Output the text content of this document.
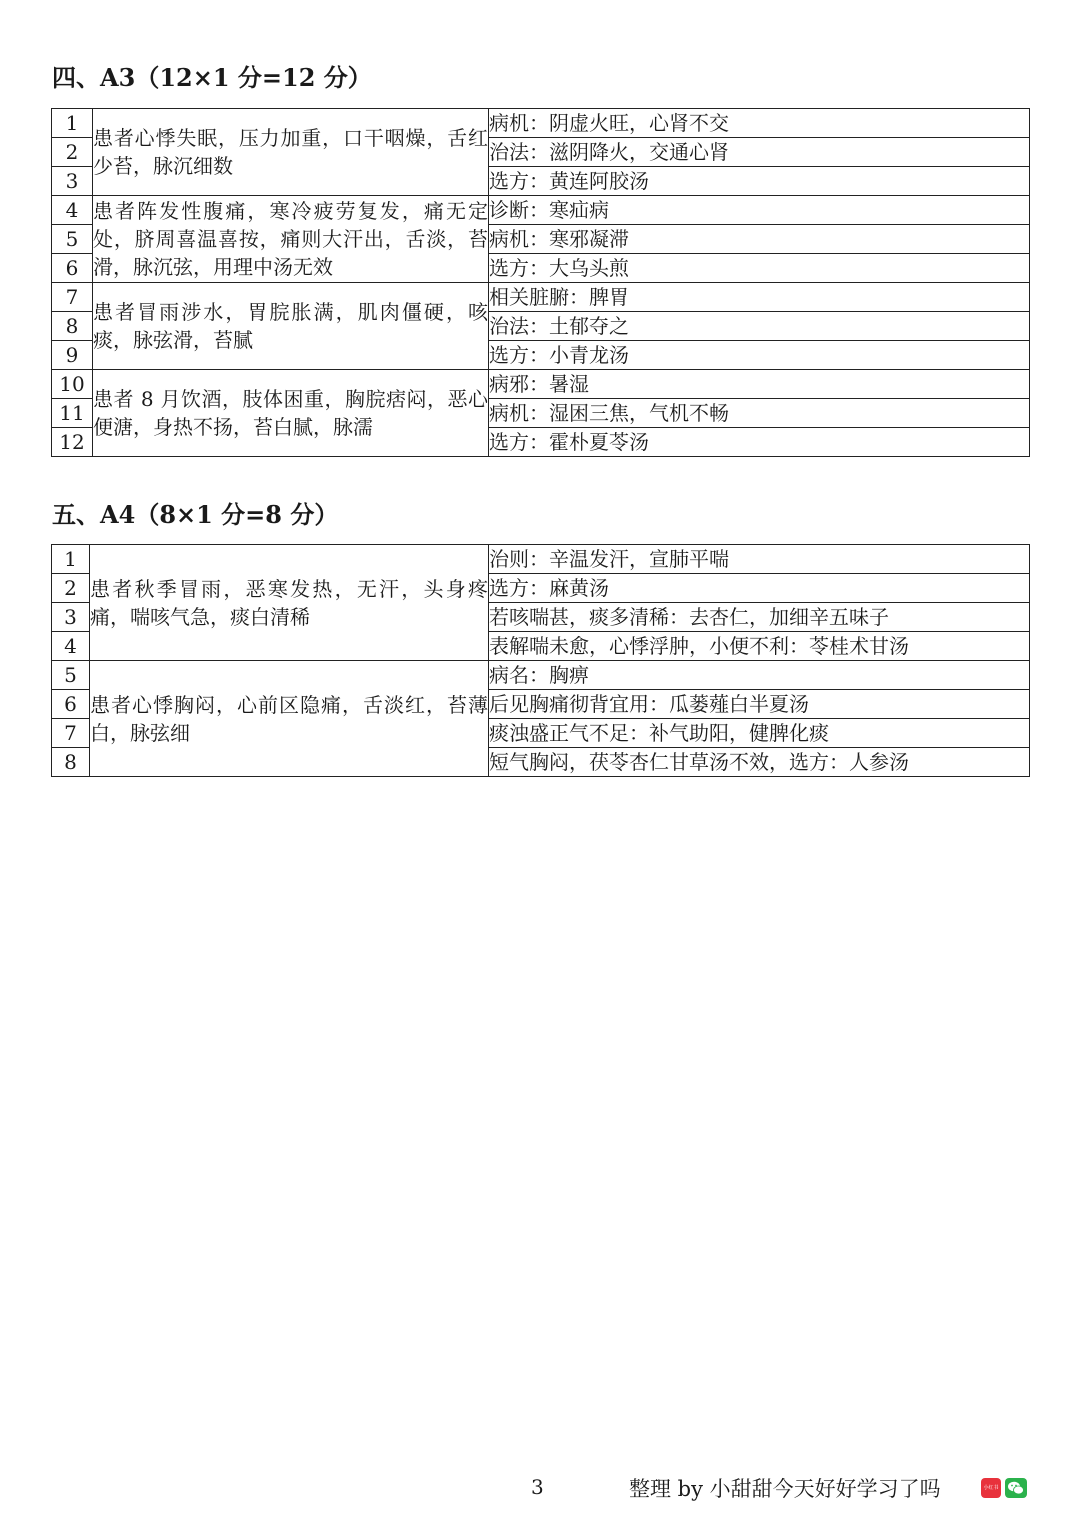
四、A3（12×1 分=12 分）
1	患者心悸失眠，压力加重，口干咽燥，舌红少苔，脉沉细数	病机：阴虚火旺，心肾不交
2		治法：滋阴降火，交通心肾
3		选方：黄连阿胶汤
4	患者阵发性腹痛，寒冷疲劳复发，痛无定处，脐周喜温喜按，痛则大汗出，舌淡，苔滑，脉沉弦，用理中汤无效	诊断：寒疝病
5		病机：寒邪凝滞
6		选方：大乌头煎
7	患者冒雨涉水，胃脘胀满，肌肉僵硬，咳痰，脉弦滑，苔腻	相关脏腑：脾胃
8		治法：土郁夺之
9		选方：小青龙汤
10	患者 8 月饮酒，肢体困重，胸脘痞闷，恶心便溏，身热不扬，苔白腻，脉濡	病邪：暑湿
11		病机：湿困三焦，气机不畅
12		选方：霍朴夏苓汤
五、A4（8×1 分=8 分）
1	患者秋季冒雨，恶寒发热，无汗，头身疼痛，喘咳气急，痰白清稀	治则：辛温发汗，宣肺平喘
2		选方：麻黄汤
3		若咳喘甚，痰多清稀：去杏仁，加细辛五味子
4		表解喘未愈，心悸浮肿，小便不利：苓桂术甘汤
5	患者心悸胸闷，心前区隐痛，舌淡红，苔薄白，脉弦细	病名：胸痹
6		后见胸痛彻背宜用：瓜蒌薤白半夏汤
7		痰浊盛正气不足：补气助阳，健脾化痰
8		短气胸闷，茯苓杏仁甘草汤不效，选方：人参汤
3	整理 by 小甜甜今天好好学习了吗	小红书
